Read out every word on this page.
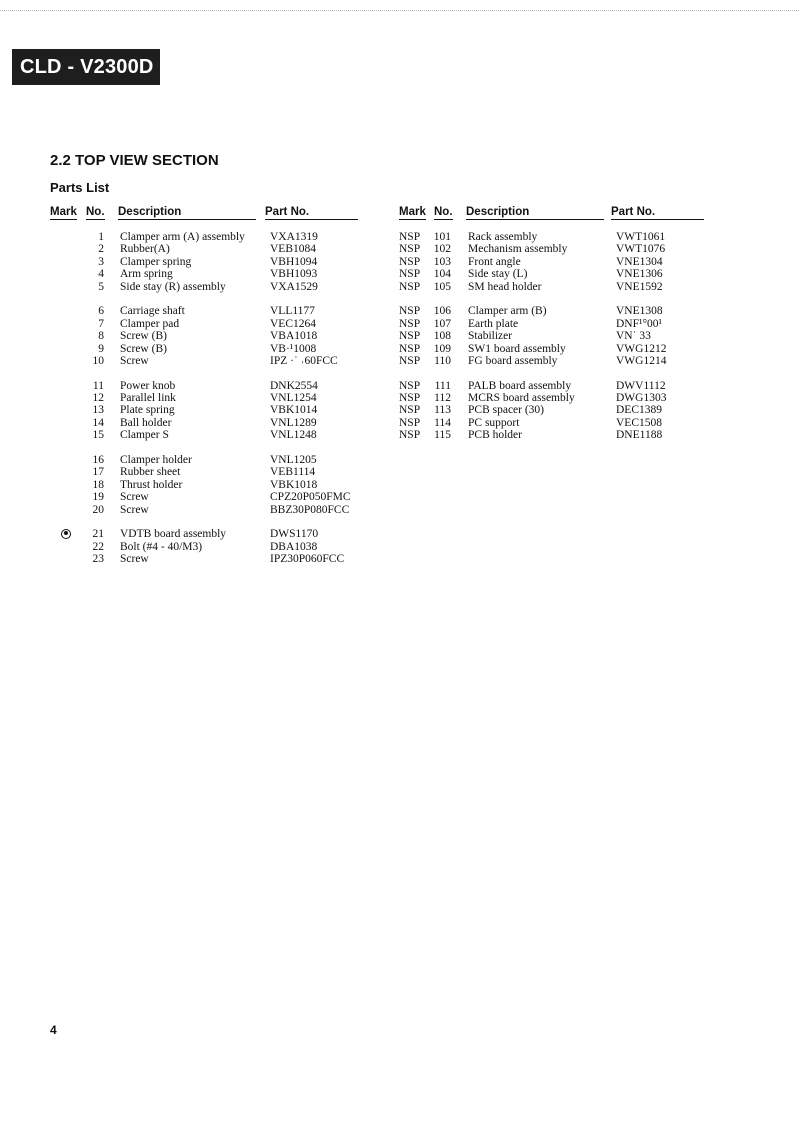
CLD - V2300D
2.2 TOP VIEW SECTION
Parts List
Mark No. Description	Part No.	Mark No. Description	Part No.
1 Clamper arm (A) assembly VXA1319
2 Rubber(A)	VEB1084
3 Clamper spring	VBH1094
4 Arm spring	VBH1093
5 Side stay (R) assembly	VXA1529
6 Carriage shaft	VLL1177
7 Clamper pad	VEC1264
8 Screw (B)	VBA1018
9 Screw (B)	VB·¹1008
10 Screw	IPZ ·˙ ˒60FCC
11 Power knob	DNK2554
12 Parallel link	VNL1254
13 Plate spring	VBK1014
14 Ball holder	VNL1289
15 Clamper S	VNL1248
16 Clamper holder	VNL1205
17 Rubber sheet	VEB1114
18 Thrust holder	VBK1018
19 Screw	CPZ20P050FMC
20 Screw	BBZ30P080FCC
21 VDTB board assembly	DWS1170
22 Bolt (#4 - 40/M3)	DBA1038
23 Screw	IPZ30P060FCC
NSP	101 Rack assembly	VWT1061
NSP	102 Mechanism assembly	VWT1076
NSP	103 Front angle	VNE1304
NSP	104 Side stay (L)	VNE1306
NSP	105 SM head holder	VNE1592
NSP	106 Clamper arm (B)	VNE1308
NSP	107 Earth plate	DNF¹°00¹
NSP	108 Stabilizer	VN˙ 33
NSP	109 SW1 board assembly	VWG1212
NSP	110 FG board assembly	VWG1214
NSP	111 PALB board assembly	DWV1112
NSP	112 MCRS board assembly	DWG1303
NSP	113 PCB spacer (30)	DEC1389
NSP	114 PC support	VEC1508
NSP	115 PCB holder	DNE1188
4
